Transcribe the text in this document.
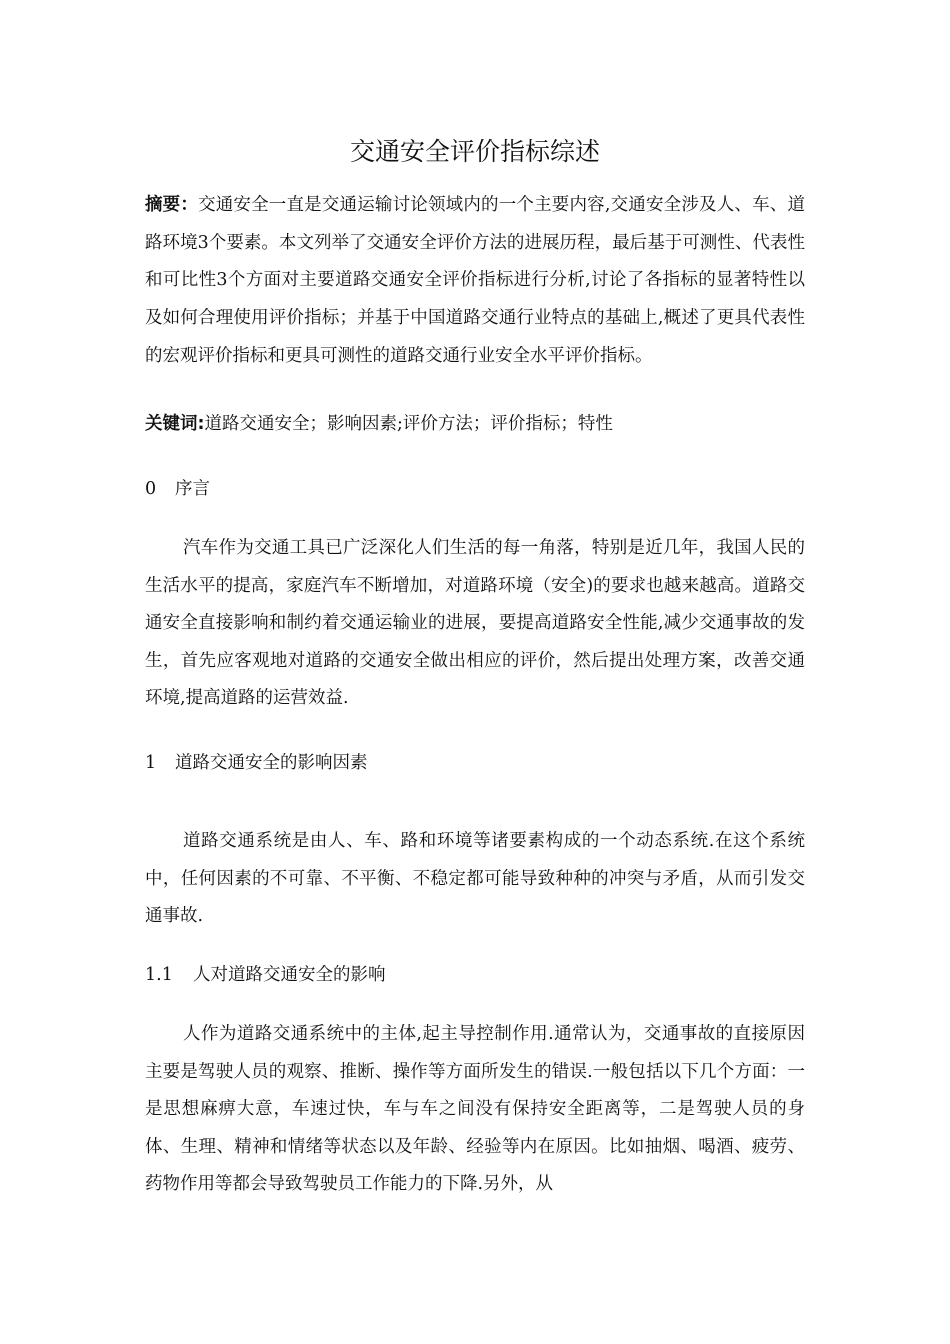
交通安全评价指标综述

摘要：交通安全一直是交通运输讨论领域内的一个主要内容,交通安全涉及人、车、道路环境3个要素。本文列举了交通安全评价方法的进展历程，最后基于可测性、代表性和可比性3个方面对主要道路交通安全评价指标进行分析,讨论了各指标的显著特性以及如何合理使用评价指标；并基于中国道路交通行业特点的基础上,概述了更具代表性的宏观评价指标和更具可测性的道路交通行业安全水平评价指标。

关键词:道路交通安全；影响因素;评价方法；评价指标；特性

0 序言

汽车作为交通工具已广泛深化人们生活的每一角落，特别是近几年，我国人民的生活水平的提高，家庭汽车不断增加，对道路环境（安全)的要求也越来越高。道路交通安全直接影响和制约着交通运输业的进展，要提高道路安全性能,减少交通事故的发生，首先应客观地对道路的交通安全做出相应的评价，然后提出处理方案，改善交通环境,提高道路的运营效益.

1 道路交通安全的影响因素

道路交通系统是由人、车、路和环境等诸要素构成的一个动态系统.在这个系统中，任何因素的不可靠、不平衡、不稳定都可能导致种种的冲突与矛盾，从而引发交通事故.

1.1 人对道路交通安全的影响

人作为道路交通系统中的主体,起主导控制作用.通常认为，交通事故的直接原因主要是驾驶人员的观察、推断、操作等方面所发生的错误.一般包括以下几个方面：一是思想麻痹大意，车速过快，车与车之间没有保持安全距离等，二是驾驶人员的身体、生理、精神和情绪等状态以及年龄、经验等内在原因。比如抽烟、喝酒、疲劳、药物作用等都会导致驾驶员工作能力的下降.另外，从
